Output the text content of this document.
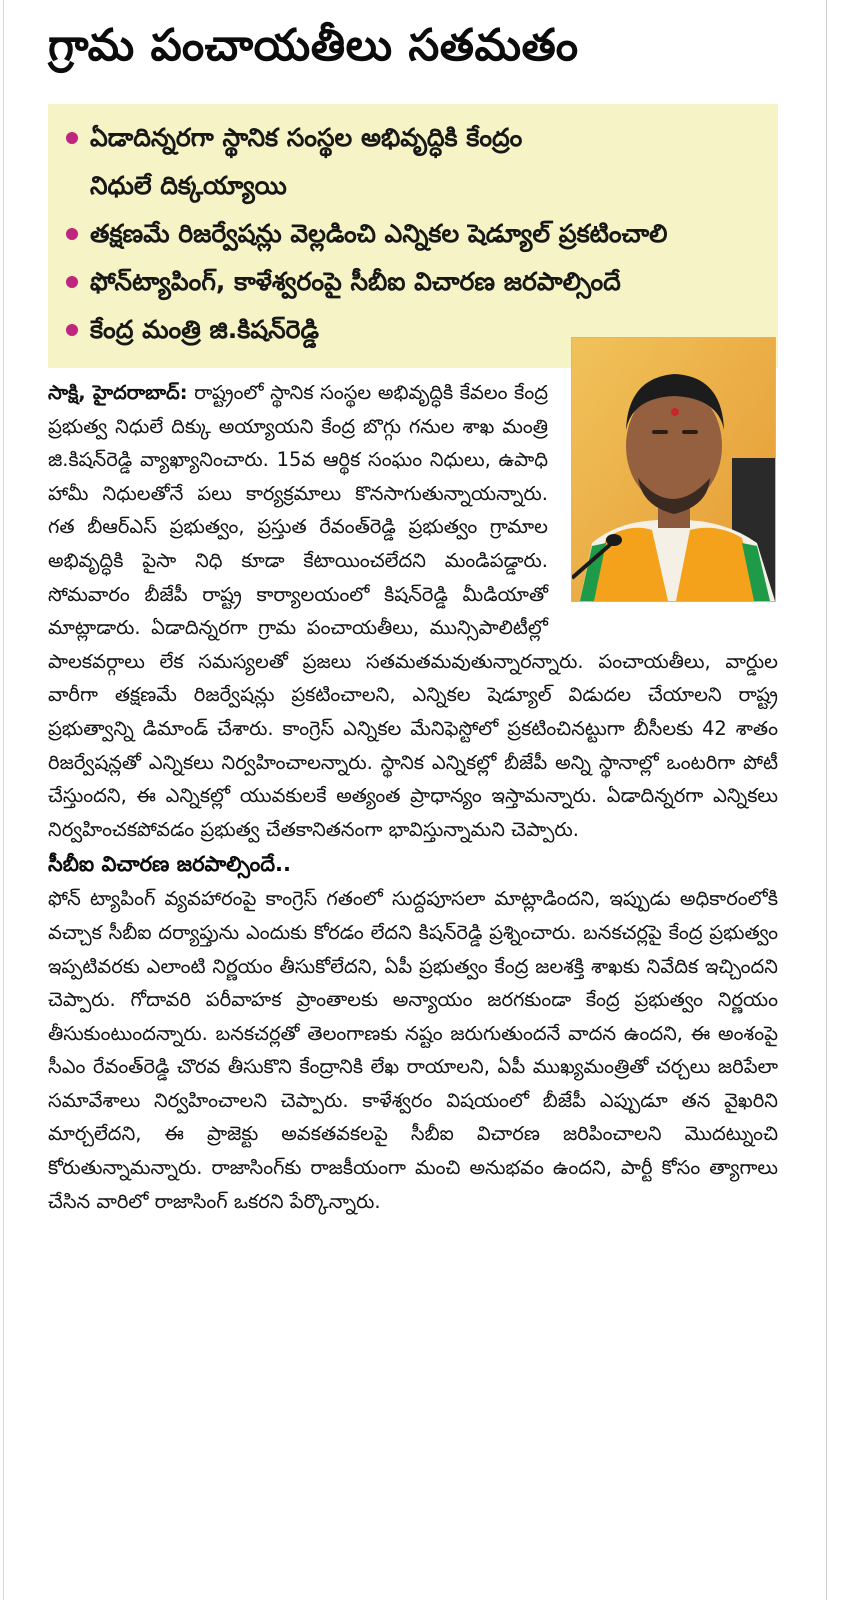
గ్రామ పంచాయతీలు సతమతం
ఏడాదిన్నరగా స్థానిక సంస్థల అభివృద్ధికి కేంద్రం నిధులే దిక్కయ్యాయి
తక్షణమే రిజర్వేషన్లు వెల్లడించి ఎన్నికల షెడ్యూల్ ప్రకటించాలి
ఫోన్‌ట్యాపింగ్, కాళేశ్వరంపై సీబీఐ విచారణ జరపాల్సిందే
కేంద్ర మంత్రి జి.కిషన్‌రెడ్డి

సాక్షి, హైదరాబాద్: రాష్ట్రంలో స్థానిక సంస్థల అభివృద్ధికి కేవలం కేంద్ర ప్రభుత్వ నిధులే దిక్కు అయ్యాయని కేంద్ర బొగ్గు గనుల శాఖ మంత్రి జి.కిషన్‌రెడ్డి వ్యాఖ్యానించారు. 15వ ఆర్థిక సంఘం నిధులు, ఉపాధి హామీ నిధులతోనే పలు కార్యక్రమాలు కొనసాగుతున్నాయన్నారు. గత బీఆర్‌ఎస్ ప్రభుత్వం, ప్రస్తుత రేవంత్‌రెడ్డి ప్రభుత్వం గ్రామాల అభివృద్ధికి పైసా నిధి కూడా కేటాయించలేదని మండిపడ్డారు. సోమవారం బీజేపీ రాష్ట్ర కార్యాలయంలో కిషన్‌రెడ్డి మీడియాతో మాట్లాడారు. ఏడాదిన్నరగా గ్రామ పంచాయతీలు, మున్సిపాలిటీల్లో పాలకవర్గాలు లేక సమస్యలతో ప్రజలు సతమతమవుతున్నారన్నారు. పంచాయతీలు, వార్డుల వారీగా తక్షణమే రిజర్వేషన్లు ప్రకటించాలని, ఎన్నికల షెడ్యూల్ విడుదల చేయాలని రాష్ట్ర ప్రభుత్వాన్ని డిమాండ్ చేశారు. కాంగ్రెస్ ఎన్నికల మేనిఫెస్టోలో ప్రకటించినట్టుగా బీసీలకు 42 శాతం రిజర్వేషన్లతో ఎన్నికలు నిర్వహించాలన్నారు. స్థానిక ఎన్నికల్లో బీజేపీ అన్ని స్థానాల్లో ఒంటరిగా పోటీ చేస్తుందని, ఈ ఎన్నికల్లో యువకులకే అత్యంత ప్రాధాన్యం ఇస్తామన్నారు. ఏడాదిన్నరగా ఎన్నికలు నిర్వహించకపోవడం ప్రభుత్వ చేతకానితనంగా భావిస్తున్నామని చెప్పారు.

సీబీఐ విచారణ జరపాల్సిందే..

ఫోన్ ట్యాపింగ్ వ్యవహారంపై కాంగ్రెస్ గతంలో సుద్దపూసలా మాట్లాడిందని, ఇప్పుడు అధికారంలోకి వచ్చాక సీబీఐ దర్యాప్తును ఎందుకు కోరడం లేదని కిషన్‌రెడ్డి ప్రశ్నించారు. బనకచర్లపై కేంద్ర ప్రభుత్వం ఇప్పటివరకు ఎలాంటి నిర్ణయం తీసుకోలేదని, ఏపీ ప్రభుత్వం కేంద్ర జలశక్తి శాఖకు నివేదిక ఇచ్చిందని చెప్పారు. గోదావరి పరీవాహక ప్రాంతాలకు అన్యాయం జరగకుండా కేంద్ర ప్రభుత్వం నిర్ణయం తీసుకుంటుందన్నారు. బనకచర్లతో తెలంగాణకు నష్టం జరుగుతుందనే వాదన ఉందని, ఈ అంశంపై సీఎం రేవంత్‌రెడ్డి చొరవ తీసుకొని కేంద్రానికి లేఖ రాయాలని, ఏపీ ముఖ్యమంత్రితో చర్చలు జరిపేలా సమావేశాలు నిర్వహించాలని చెప్పారు. కాళేశ్వరం విషయంలో బీజేపీ ఎప్పుడూ తన వైఖరిని మార్చలేదని, ఈ ప్రాజెక్టు అవకతవకలపై సీబీఐ విచారణ జరిపించాలని మొదట్నుంచి కోరుతున్నామన్నారు. రాజాసింగ్‌కు రాజకీయంగా మంచి అనుభవం ఉందని, పార్టీ కోసం త్యాగాలు చేసిన వారిలో రాజాసింగ్ ఒకరని పేర్కొన్నారు.
